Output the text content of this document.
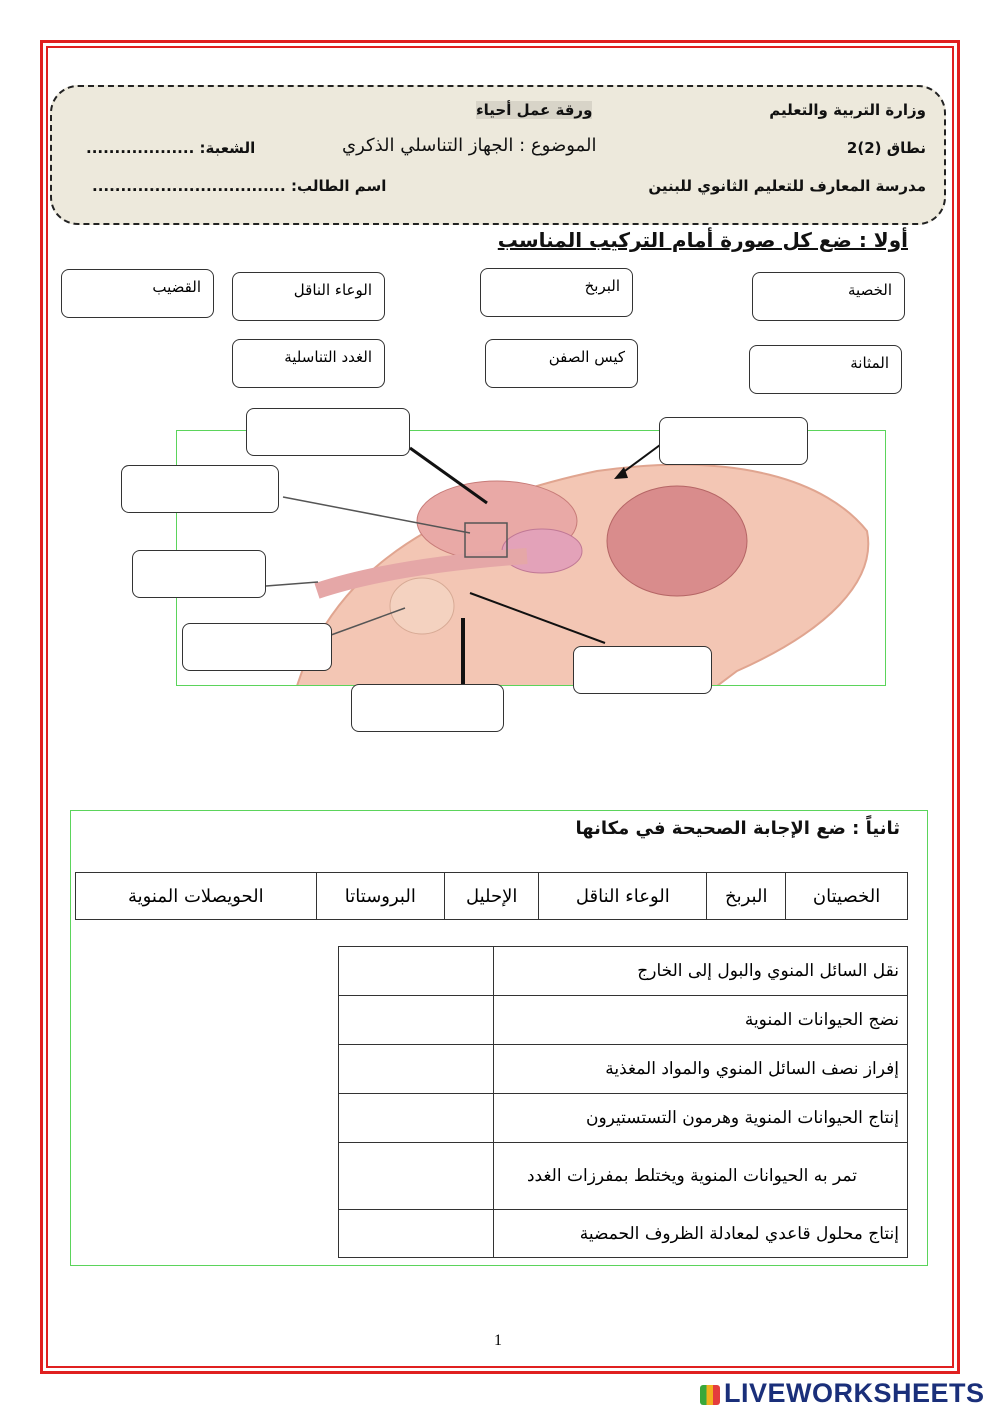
وزارة التربية والتعليم
ورقة عمل أحياء
نطاق (2)2
الموضوع : الجهاز التناسلي الذكري
الشعبة: ...................
مدرسة المعارف للتعليم الثانوي للبنين
اسم الطالب: ..................................
أولا : ضع كل صورة أمام التركيب المناسب
القضيب	الوعاء الناقل	البربخ	الخصية
الغدد التناسلية	كيس الصفن	المثانة
ثانياً : ضع الإجابة الصحيحة في مكانها
الخصيتان	البربخ	الوعاء الناقل	الإحليل	البروستاتا	الحويصلات المنوية
نقل السائل المنوي والبول إلى الخارج	
نضج الحيوانات المنوية	
إفراز نصف السائل المنوي والمواد المغذية	
إنتاج الحيوانات المنوية وهرمون التستستيرون	
تمر به الحيوانات المنوية ويختلط بمفرزات الغدد	
إنتاج محلول قاعدي لمعادلة الظروف الحمضية	
1
LIVEWORKSHEETS
